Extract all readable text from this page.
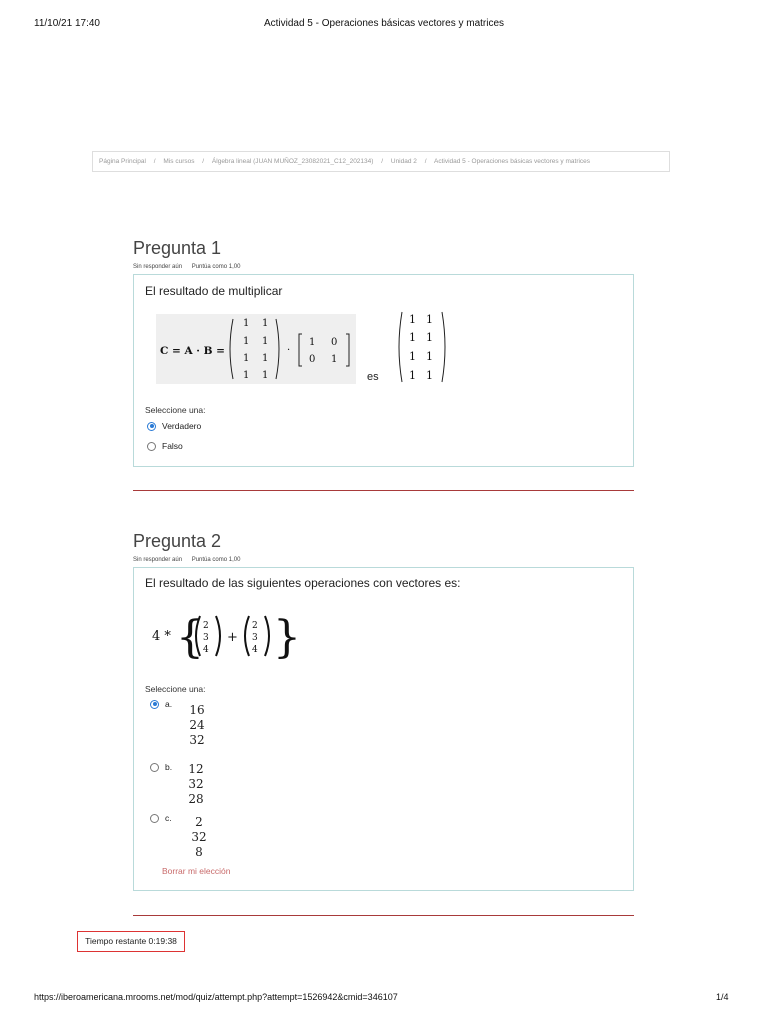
11/10/21 17:40	Actividad 5 - Operaciones básicas vectores y matrices
Página Principal / Mis cursos / Álgebra lineal (JUAN MUÑOZ_23082021_C12_202134) / Unidad 2 / Actividad 5 - Operaciones básicas vectores y matrices
Pregunta 1
Sin responder aún Puntúa como 1,00
El resultado de multiplicar
C = A · B =
1 1
1 1
1 1
1 1
·
1 0
0 1
es
1 1
1 1
1 1
1 1
Seleccione una:
Verdadero
Falso
Pregunta 2
Sin responder aún Puntúa como 1,00
El resultado de las siguientes operaciones con vectores es:
4 * { }
2
3
4
+
2
3
4
Seleccione una:
a.	16
24
32
b.	12
32
28
c.	2
32
8
Borrar mi elección
Tiempo restante 0:19:38
https://iberoamericana.mrooms.net/mod/quiz/attempt.php?attempt=1526942&cmid=346107	1/4
